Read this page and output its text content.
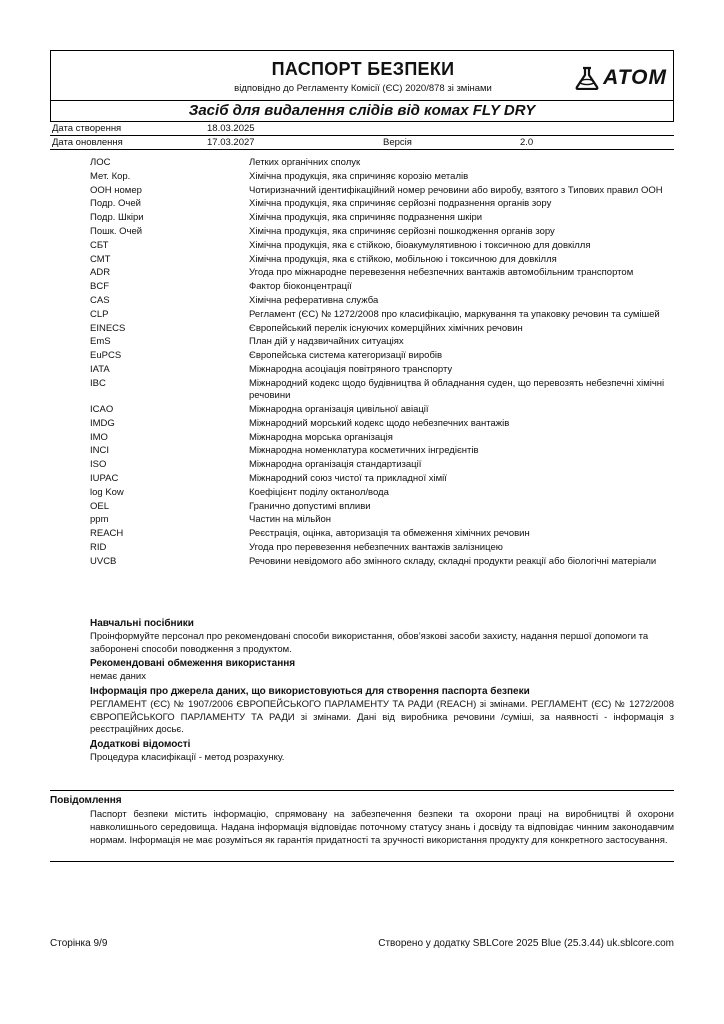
ПАСПОРТ БЕЗПЕКИ
відповідно до Регламенту Комісії (ЄС) 2020/878 зі змінами	ATOM
Засіб для видалення слідів від комах FLY DRY
Дата створення	18.03.2025
Дата оновлення	17.03.2027	Версія	2.0
ЛОС	Летких органічних сполук
Мет. Кор.	Хімічна продукція, яка спричиняє корозію металів
ООН номер	Чотиризначний ідентифікаційний номер речовини або виробу, взятого з Типових правил ООН
Подр. Очей	Хімічна продукція, яка спричиняє серйозні подразнення органів зору
Подр. Шкіри	Хімічна продукція, яка спричиняє подразнення шкіри
Пошк. Очей	Хімічна продукція, яка спричиняє серйозні пошкодження органів зору
СБТ	Хімічна продукція, яка є стійкою, біоакумулятивною і токсичною для довкілля
СМТ	Хімічна продукція, яка є стійкою, мобільною і токсичною для довкілля
ADR	Угода про міжнародне перевезення небезпечних вантажів автомобільним транспортом
BCF	Фактор біоконцентрації
CAS	Хімічна реферативна служба
CLP	Регламент (ЄС) № 1272/2008 про класифікацію, маркування та упаковку речовин та сумішей
EINECS	Європейський перелік існуючих комерційних хімічних речовин
EmS	План дій у надзвичайних ситуаціях
EuPCS	Європейська система категоризації виробів
IATA	Міжнародна асоціація повітряного транспорту
IBC	Міжнародний кодекс щодо будівництва й обладнання суден, що перевозять небезпечні хімічні речовини
ICAO	Міжнародна організація цивільної авіації
IMDG	Міжнародний морський кодекс щодо небезпечних вантажів
IMO	Міжнародна морська організація
INCI	Міжнародна номенклатура косметичних інгредієнтів
ISO	Міжнародна організація стандартизації
IUPAC	Міжнародний союз чистої та прикладної хімії
log Kow	Коефіцієнт поділу октанол/вода
OEL	Гранично допустимі впливи
ppm	Частин на мільйон
REACH	Реєстрація, оцінка, авторизація та обмеження хімічних речовин
RID	Угода про перевезення небезпечних вантажів залізницею
UVCB	Речовини невідомого або змінного складу, складні продукти реакції або біологічні матеріали
Навчальні посібники

Проінформуйте персонал про рекомендовані способи використання, обов’язкові засоби захисту, надання першої допомоги та заборонені способи поводження з продуктом.

Рекомендовані обмеження використання

немає даних

Інформація про джерела даних, що використовуються для створення паспорта безпеки

РЕГЛАМЕНТ (ЄС) № 1907/2006 ЄВРОПЕЙСЬКОГО ПАРЛАМЕНТУ ТА РАДИ (REACH) зі змінами. РЕГЛАМЕНТ (ЄС) № 1272/2008 ЄВРОПЕЙСЬКОГО ПАРЛАМЕНТУ ТА РАДИ зі змінами. Дані від виробника речовини /суміші, за наявності - інформація з реєстраційних досьє.

Додаткові відомості

Процедура класифікації - метод розрахунку.

Повідомлення
Паспорт безпеки містить інформацію, спрямовану на забезпечення безпеки та охорони праці на виробництві й охорони навколишнього середовища. Надана інформація відповідає поточному статусу знань і досвіду та відповідає чинним законодавчим нормам. Інформація не має розуміться як гарантія придатності та зручності використання продукту для конкретного застосування.
Сторінка 9/9	Створено у додатку SBLCore 2025 Blue (25.3.44) uk.sblcore.com
